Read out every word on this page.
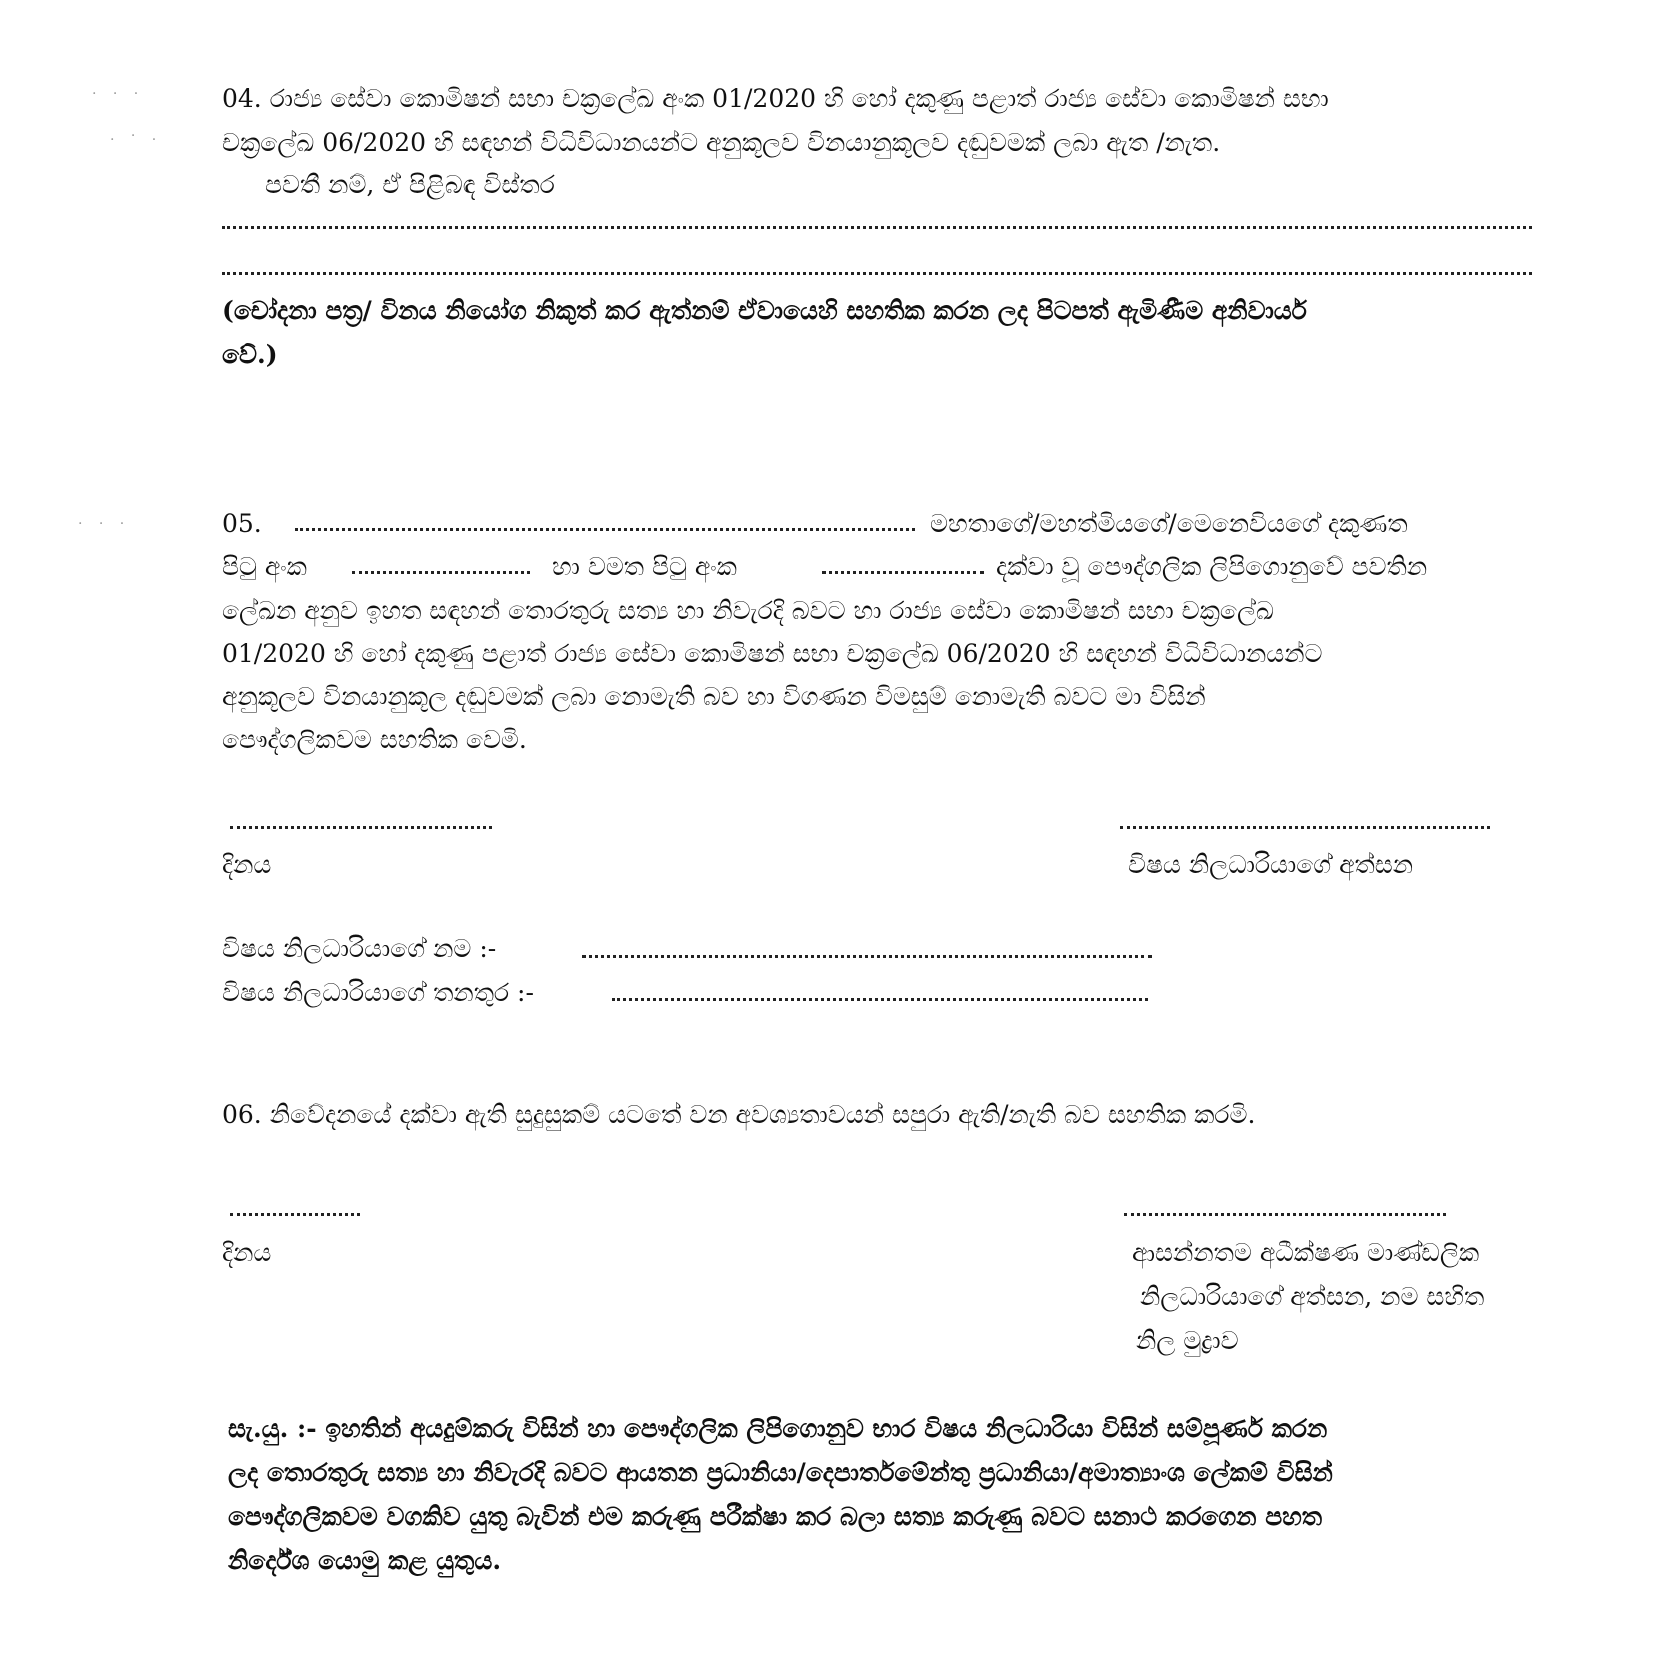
. . .
. · .
. . .
04. රාජ්‍ය සේවා කොමිෂන් සභා චක්‍රලේඛ අංක 01/2020 හි හෝ දකුණු පළාත් රාජ්‍ය සේවා කොමිෂන් සභා
චක්‍රලේඛ 06/2020 හි සඳහන් විධිවිධානයන්ට අනුකූලව විනයානුකූලව දඬුවමක් ලබා ඇත /නැත.
පවතී නම්, ඒ පිළිබඳ විස්තර
(චෝදනා පත්‍ර/ විනය නියෝග නිකුත් කර ඇත්නම් ඒවායෙහි සහතික කරන ලද පිටපත් ඇමිණීම අනිවාර්ය
වේ.)
05.	මහතාගේ/මහත්මියගේ/මෙනෙවියගේ දකුණත
පිටු අංක	හා වමත පිටු අංක	දක්වා වූ පෞද්ගලික ලිපිගොනුවේ පවතින
ලේඛන අනුව ඉහත සඳහන් තොරතුරු සත්‍ය හා නිවැරදි බවට හා රාජ්‍ය සේවා කොමිෂන් සභා චක්‍රලේඛ
01/2020 හි හෝ දකුණු පළාත් රාජ්‍ය සේවා කොමිෂන් සභා චක්‍රලේඛ 06/2020 හි සඳහන් විධිවිධානයන්ට
අනුකූලව විනයානුකූල දඬුවමක් ලබා නොමැති බව හා විගණන විමසුම් නොමැති බවට මා විසින්
පෞද්ගලිකවම සහතික වෙමි.
දිනය	විෂය නිලධාරියාගේ අත්සන
විෂය නිලධාරියාගේ නම :-
විෂය නිලධාරියාගේ තනතුර :-
06. නිවේදනයේ දක්වා ඇති සුදුසුකම් යටතේ වන අවශ්‍යතාවයන් සපුරා ඇති/නැති බව සහතික කරමි.
දිනය	ආසන්නතම අධීක්ෂණ මාණ්ඩලික
නිලධාරියාගේ අත්සන, නම සහිත
නිල මුද්‍රාව
සැ.යු. :- ඉහතින් අයදුම්කරු විසින් හා පෞද්ගලික ලිපිගොනුව භාර විෂය නිලධාරියා විසින් සම්පූර්ණ කරන
ලද තොරතුරු සත්‍ය හා නිවැරදි බවට ආයතන ප්‍රධානියා/දෙපාර්තමේන්තු ප්‍රධානියා/අමාත්‍යාංශ ලේකම් විසින්
පෞද්ගලිකවම වගකිව යුතු බැවින් එම කරුණු පරීක්ෂා කර බලා සත්‍ය කරුණු බවට සනාථ කරගෙන පහත
නිර්දේශ යොමු කළ යුතුය.
